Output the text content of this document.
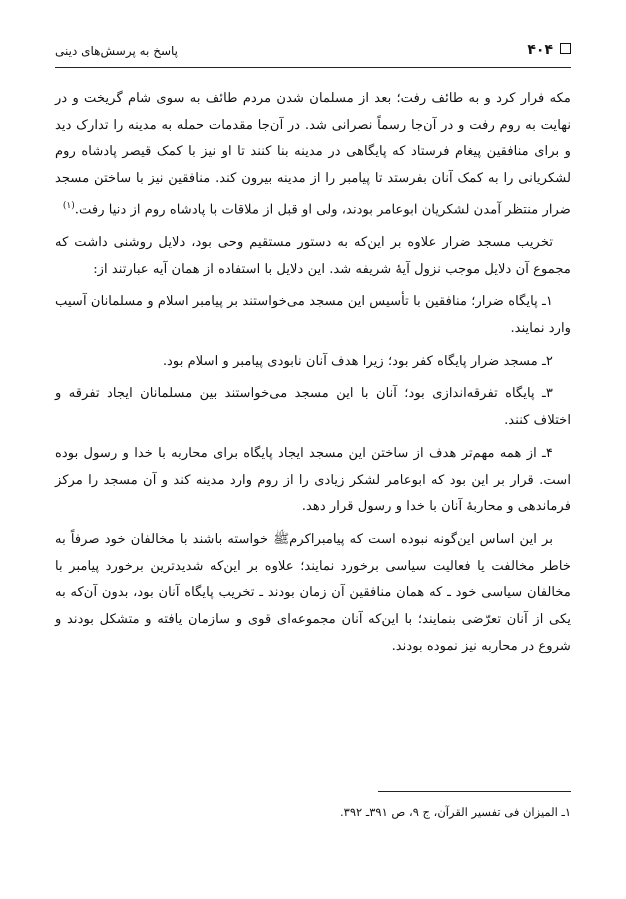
پاسخ به پرسش‌های دینی	۴۰۴

مکه فرار کرد و به طائف رفت؛ بعد از مسلمان شدن مردم طائف به سوی شام گریخت و در نهایت به روم رفت و در آن‌جا رسماً نصرانی شد. در آن‌جا مقدمات حمله به مدینه را تدارک دید و برای منافقین پیغام فرستاد که پایگاهی در مدینه بنا کنند تا او نیز با کمک قیصر پادشاه روم لشکریانی را به کمک آنان بفرستد تا پیامبر را از مدینه بیرون کند. منافقین نیز با ساختن مسجد ضرار منتظر آمدن لشکریان ابوعامر بودند، ولی او قبل از ملاقات با پادشاه روم از دنیا رفت.$^{(۱)}$

تخریب مسجد ضرار علاوه بر این‌که به دستور مستقیم وحی بود، دلایل روشنی داشت که مجموع آن دلایل موجب نزول آیهٔ شریفه شد. این دلایل با استفاده از همان آیه عبارتند از:

۱ـ پایگاه ضرار؛ منافقین با تأسیس این مسجد می‌خواستند بر پیامبر اسلام و مسلمانان آسیب وارد نمایند.

۲ـ مسجد ضرار پایگاه کفر بود؛ زیرا هدف آنان نابودی پیامبر و اسلام بود.

۳ـ پایگاه تفرقه‌اندازی بود؛ آنان با این مسجد می‌خواستند بین مسلمانان ایجاد تفرقه و اختلاف کنند.

۴ـ از همه مهم‌تر هدف از ساختن این مسجد ایجاد پایگاه برای محاربه با خدا و رسول بوده است. قرار بر این بود که ابوعامر لشکر زیادی را از روم وارد مدینه کند و آن مسجد را مرکز فرماندهی و محاربهٔ آنان با خدا و رسول قرار دهد.

بر این اساس این‌گونه نبوده است که پیامبراکرمﷺ خواسته باشند با مخالفان خود صرفاً به خاطر مخالفت یا فعالیت سیاسی برخورد نمایند؛ علاوه بر این‌که شدیدترین برخورد پیامبر با مخالفان سیاسی خود ـ که همان منافقین آن زمان بودند ـ تخریب پایگاه آنان بود، بدون آن‌که به یکی از آنان تعرّضی بنمایند؛ با این‌که آنان مجموعه‌ای قوی و سازمان یافته و متشکل بودند و شروع در محاربه نیز نموده بودند.

۱ـ المیزان فی تفسیر القرآن، ج ۹، ص ۳۹۱ـ ۳۹۲.
